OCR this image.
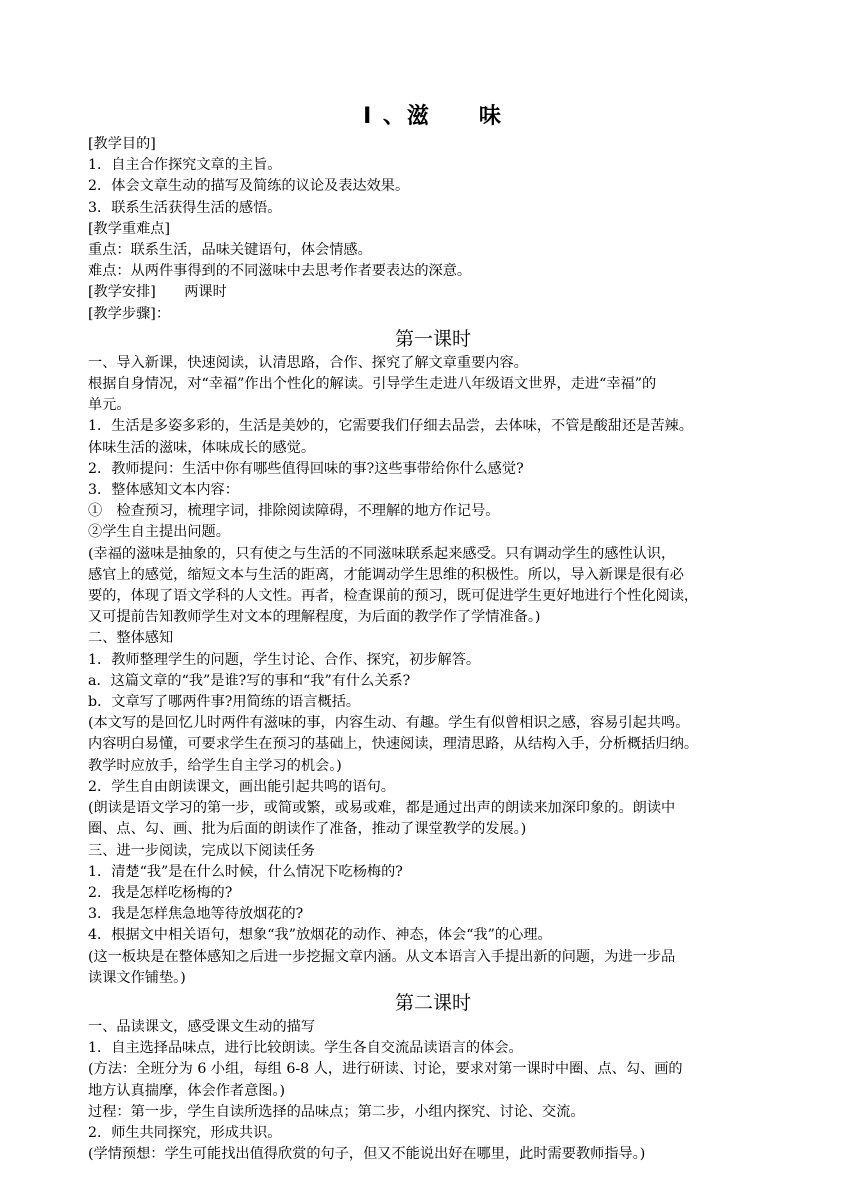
Ⅰ 、滋　　味
[教学目的]
1．自主合作探究文章的主旨。
2．体会文章生动的描写及简练的议论及表达效果。
3．联系生活获得生活的感悟。
[教学重难点]
重点：联系生活，品味关键语句，体会情感。
难点：从两件事得到的不同滋味中去思考作者要表达的深意。
[教学安排]　　两课时
[教学步骤]：
第一课时
一、导入新课，快速阅读，认清思路，合作、探究了解文章重要内容。
根据自身情况，对“幸福”作出个性化的解读。引导学生走进八年级语文世界，走进“幸福”的
单元。
1．生活是多姿多彩的，生活是美妙的，它需要我们仔细去品尝，去体味，不管是酸甜还是苦辣。
体味生活的滋味，体味成长的感觉。
2．教师提问：生活中你有哪些值得回味的事?这些事带给你什么感觉?
3．整体感知文本内容：
①　检查预习，梳理字词，排除阅读障碍，不理解的地方作记号。
②学生自主提出问题。
(幸福的滋味是抽象的，只有使之与生活的不同滋味联系起来感受。只有调动学生的感性认识，
感官上的感觉，缩短文本与生活的距离，才能调动学生思维的积极性。所以，导入新课是很有必
要的，体现了语文学科的人文性。再者，检查课前的预习，既可促进学生更好地进行个性化阅读，
又可提前告知教师学生对文本的理解程度，为后面的教学作了学情准备。)
二、整体感知
1．教师整理学生的问题，学生讨论、合作、探究，初步解答。
a．这篇文章的“我”是谁?写的事和“我”有什么关系?
b．文章写了哪两件事?用简练的语言概括。
(本文写的是回忆儿时两件有滋味的事，内容生动、有趣。学生有似曾相识之感，容易引起共鸣。
内容明白易懂，可要求学生在预习的基础上，快速阅读，理清思路，从结构入手，分析概括归纳。
教学时应放手，给学生自主学习的机会。)
2．学生自由朗读课文，画出能引起共鸣的语句。
(朗读是语文学习的第一步，或简或繁，或易或难，都是通过出声的朗读来加深印象的。朗读中
圈、点、勾、画、批为后面的朗读作了准备，推动了课堂教学的发展。)
三、进一步阅读，完成以下阅读任务
1．清楚“我”是在什么时候，什么情况下吃杨梅的?
2．我是怎样吃杨梅的?
3．我是怎样焦急地等待放烟花的?
4．根据文中相关语句，想象“我”放烟花的动作、神态，体会“我”的心理。
(这一板块是在整体感知之后进一步挖掘文章内涵。从文本语言入手提出新的问题，为进一步品
读课文作铺垫。)
第二课时
一、品读课文，感受课文生动的描写
1．自主选择品味点，进行比较朗读。学生各自交流品读语言的体会。
(方法：全班分为 6 小组，每组 6-8 人，进行研读、讨论，要求对第一课时中圈、点、勾、画的
地方认真揣摩，体会作者意图。)
过程：第一步，学生自读所选择的品味点；第二步，小组内探究、讨论、交流。
2．师生共同探究，形成共识。
(学情预想：学生可能找出值得欣赏的句子，但又不能说出好在哪里，此时需要教师指导。)
